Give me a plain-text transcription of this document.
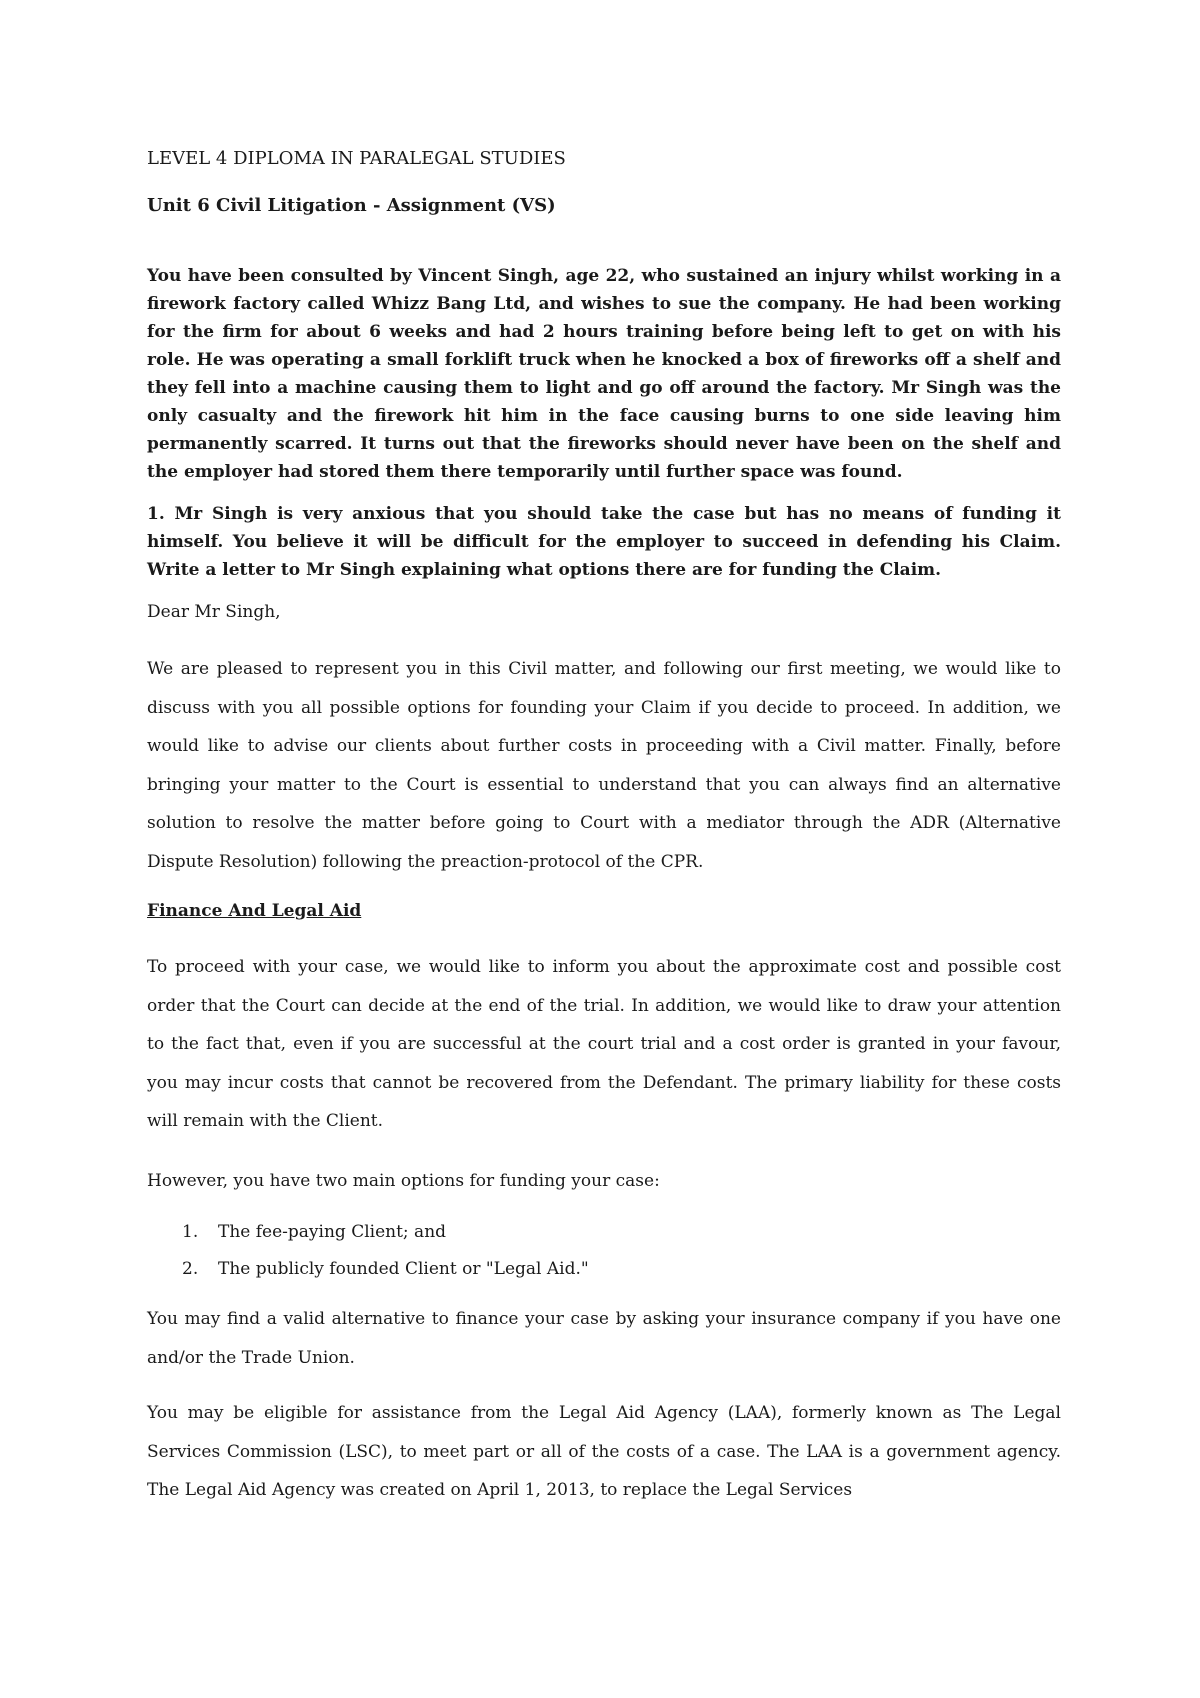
LEVEL 4 DIPLOMA IN PARALEGAL STUDIES
Unit 6 Civil Litigation - Assignment (VS)

You have been consulted by Vincent Singh, age 22, who sustained an injury whilst working in a firework factory called Whizz Bang Ltd, and wishes to sue the company. He had been working for the firm for about 6 weeks and had 2 hours training before being left to get on with his role. He was operating a small forklift truck when he knocked a box of fireworks off a shelf and they fell into a machine causing them to light and go off around the factory. Mr Singh was the only casualty and the firework hit him in the face causing burns to one side leaving him permanently scarred. It turns out that the fireworks should never have been on the shelf and the employer had stored them there temporarily until further space was found.

1. Mr Singh is very anxious that you should take the case but has no means of funding it himself. You believe it will be difficult for the employer to succeed in defending his Claim. Write a letter to Mr Singh explaining what options there are for funding the Claim.

Dear Mr Singh,

We are pleased to represent you in this Civil matter, and following our first meeting, we would like to discuss with you all possible options for founding your Claim if you decide to proceed. In addition, we would like to advise our clients about further costs in proceeding with a Civil matter. Finally, before bringing your matter to the Court is essential to understand that you can always find an alternative solution to resolve the matter before going to Court with a mediator through the ADR (Alternative Dispute Resolution) following the preaction-protocol of the CPR.

Finance And Legal Aid

To proceed with your case, we would like to inform you about the approximate cost and possible cost order that the Court can decide at the end of the trial. In addition, we would like to draw your attention to the fact that, even if you are successful at the court trial and a cost order is granted in your favour, you may incur costs that cannot be recovered from the Defendant. The primary liability for these costs will remain with the Client.

However, you have two main options for funding your case:

1. The fee-paying Client; and
2. The publicly founded Client or "Legal Aid."

You may find a valid alternative to finance your case by asking your insurance company if you have one and/or the Trade Union.

You may be eligible for assistance from the Legal Aid Agency (LAA), formerly known as The Legal Services Commission (LSC), to meet part or all of the costs of a case. The LAA is a government agency. The Legal Aid Agency was created on April 1, 2013, to replace the Legal Services
